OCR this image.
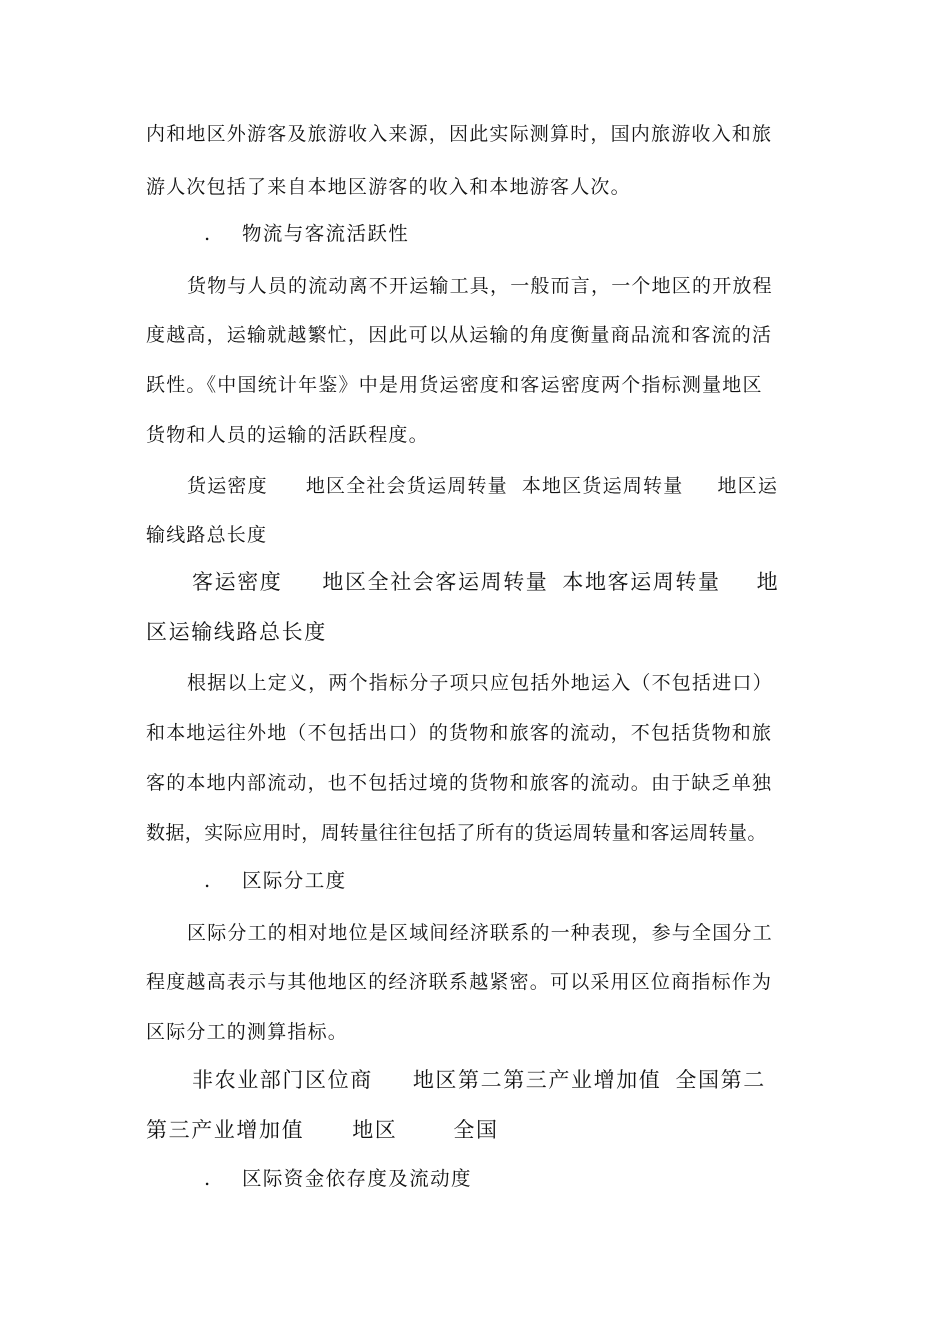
内和地区外游客及旅游收入来源，因此实际测算时，国内旅游收入和旅
游人次包括了来自本地区游客的收入和本地游客人次。
. 物流与客流活跃性
货物与人员的流动离不开运输工具，一般而言，一个地区的开放程
度越高，运输就越繁忙，因此可以从运输的角度衡量商品流和客流的活
跃性。《中国统计年鉴》中是用货运密度和客运密度两个指标测量地区
货物和人员的运输的活跃程度。
货运密度 地区全社会货运周转量 本地区货运周转量 地区运
输线路总长度
客运密度 地区全社会客运周转量 本地客运周转量 地
区运输线路总长度
根据以上定义，两个指标分子项只应包括外地运入（不包括进口）
和本地运往外地（不包括出口）的货物和旅客的流动，不包括货物和旅
客的本地内部流动，也不包括过境的货物和旅客的流动。由于缺乏单独
数据，实际应用时，周转量往往包括了所有的货运周转量和客运周转量。
. 区际分工度
区际分工的相对地位是区域间经济联系的一种表现，参与全国分工
程度越高表示与其他地区的经济联系越紧密。可以采用区位商指标作为
区际分工的测算指标。
非农业部门区位商 地区第二第三产业增加值 全国第二
第三产业增加值 地区	全国
. 区际资金依存度及流动度
